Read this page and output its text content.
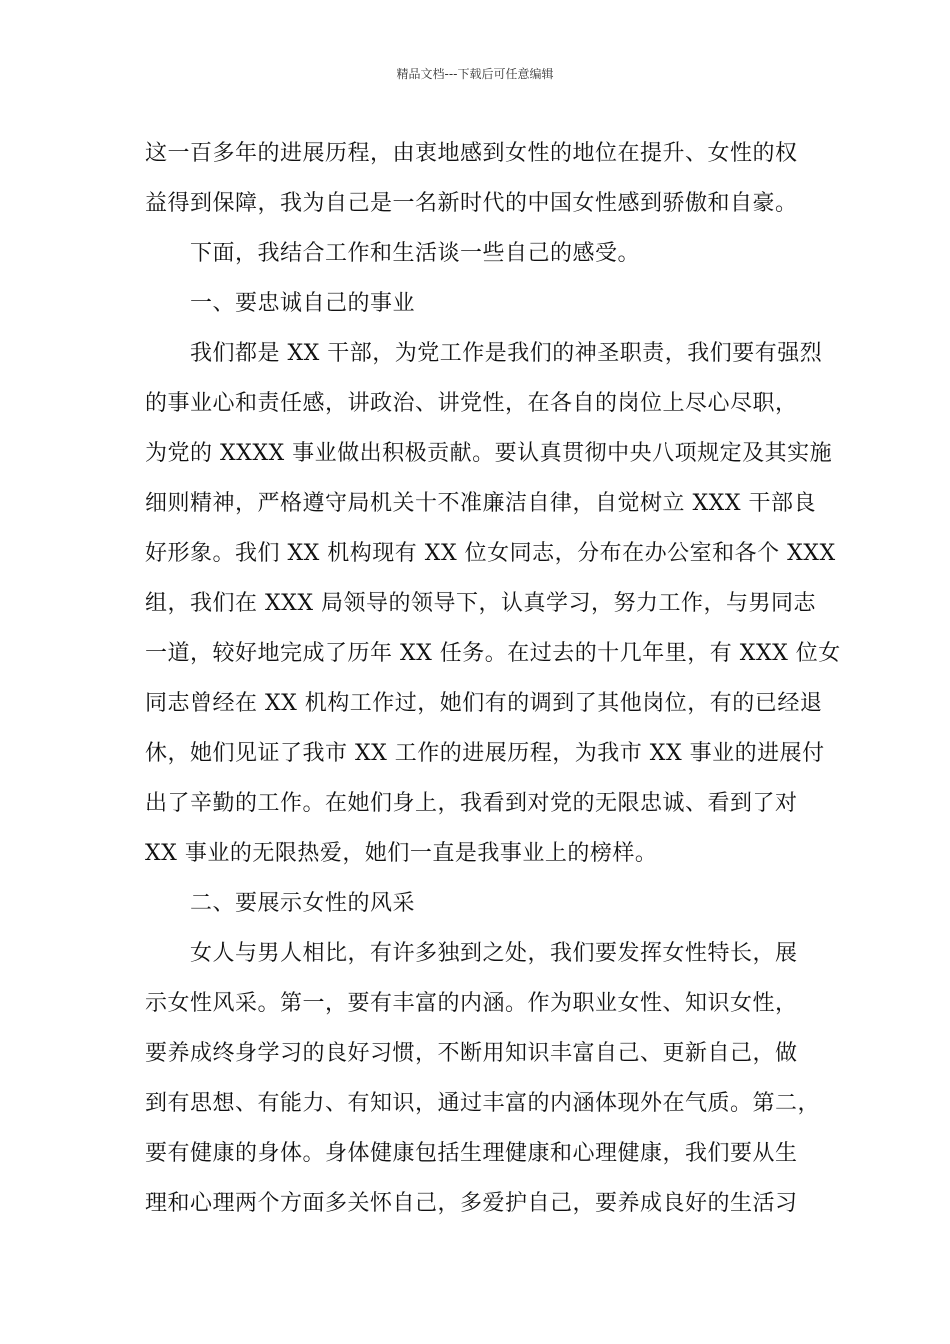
精品文档---下载后可任意编辑
这一百多年的进展历程，由衷地感到女性的地位在提升、女性的权
益得到保障，我为自己是一名新时代的中国女性感到骄傲和自豪。
下面，我结合工作和生活谈一些自己的感受。
一、要忠诚自己的事业
我们都是 XX 干部，为党工作是我们的神圣职责，我们要有强烈
的事业心和责任感，讲政治、讲党性，在各自的岗位上尽心尽职，
为党的 XXXX 事业做出积极贡献。要认真贯彻中央八项规定及其实施
细则精神，严格遵守局机关十不准廉洁自律，自觉树立 XXX 干部良
好形象。我们 XX 机构现有 XX 位女同志，分布在办公室和各个 XXX
组，我们在 XXX 局领导的领导下，认真学习，努力工作，与男同志
一道，较好地完成了历年 XX 任务。在过去的十几年里，有 XXX 位女
同志曾经在 XX 机构工作过，她们有的调到了其他岗位，有的已经退
休，她们见证了我市 XX 工作的进展历程，为我市 XX 事业的进展付
出了辛勤的工作。在她们身上，我看到对党的无限忠诚、看到了对
XX 事业的无限热爱，她们一直是我事业上的榜样。
二、要展示女性的风采
女人与男人相比，有许多独到之处，我们要发挥女性特长，展
示女性风采。第一，要有丰富的内涵。作为职业女性、知识女性，
要养成终身学习的良好习惯，不断用知识丰富自己、更新自己，做
到有思想、有能力、有知识，通过丰富的内涵体现外在气质。第二，
要有健康的身体。身体健康包括生理健康和心理健康，我们要从生
理和心理两个方面多关怀自己，多爱护自己，要养成良好的生活习
